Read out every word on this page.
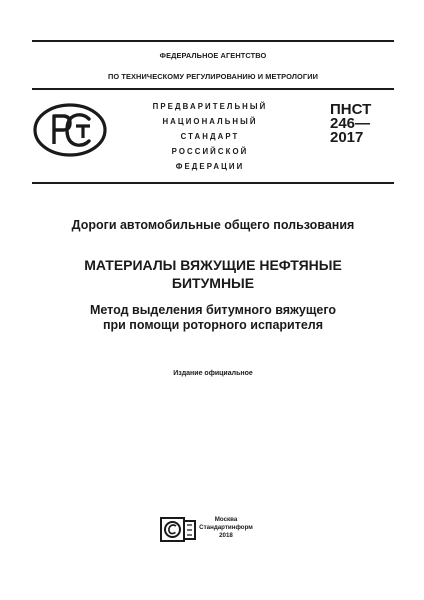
ФЕДЕРАЛЬНОЕ АГЕНТСТВО
ПО ТЕХНИЧЕСКОМУ РЕГУЛИРОВАНИЮ И МЕТРОЛОГИИ
РСТ
ПРЕДВАРИТЕЛЬНЫЙ
НАЦИОНАЛЬНЫЙ
СТАНДАРТ
РОССИЙСКОЙ
ФЕДЕРАЦИИ
ПНСТ
246—
2017
Дороги автомобильные общего пользования
МАТЕРИАЛЫ ВЯЖУЩИЕ НЕФТЯНЫЕ
БИТУМНЫЕ
Метод выделения битумного вяжущего
при помощи роторного испарителя
Издание официальное
Москва
Стандартинформ
2018
